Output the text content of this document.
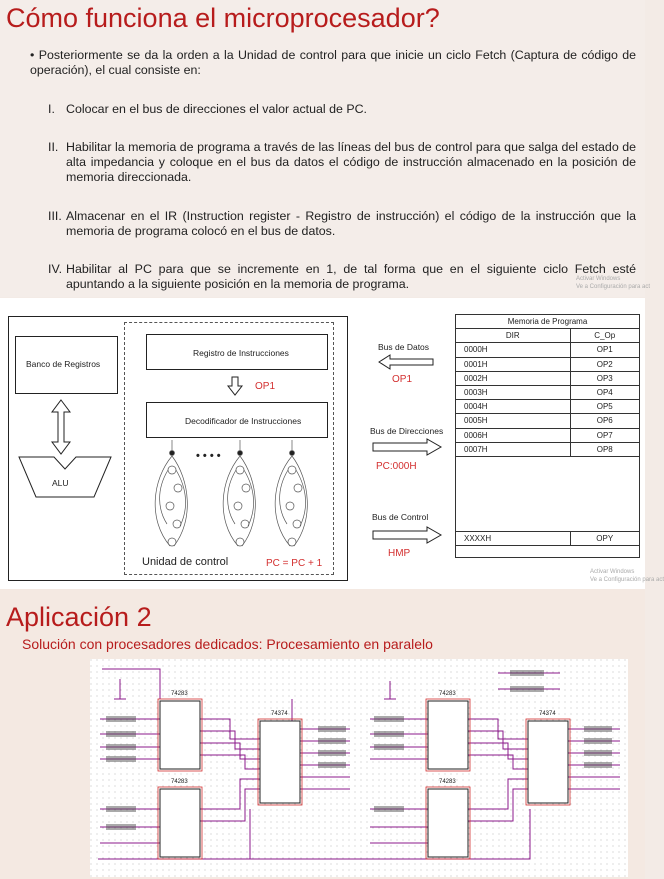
Cómo funciona el microprocesador?
• Posteriormente se da la orden a la Unidad de control para que inicie un ciclo Fetch (Captura de código de operación), el cual consiste en:
I. Colocar en el bus de direcciones el valor actual de PC.
II. Habilitar la memoria de programa a través de las líneas del bus de control para que salga del estado de alta impedancia y coloque en el bus da datos el código de instrucción almacenado en la posición de memoria direccionada.
III. Almacenar en el IR (Instruction register - Registro de instrucción) el código de la instrucción que la memoria de programa colocó en el bus de datos.
IV. Habilitar al PC para que se incremente en 1, de tal forma que en el siguiente ciclo Fetch esté apuntando a la siguiente posición en la memoria de programa.	Activar Windows
Ve a Configuración para act
Banco de Registros
ALU
Registro de Instrucciones
OP1
Decodificador de Instrucciones
• • • •
Unidad de control	PC = PC + 1
Bus de Datos
OP1
Bus de Direcciones
PC:000H
Bus de Control
HMP
Memoria de Programa	
DIR	C_Op
0000H	OP1
0001H	OP2
0002H	OP3
0003H	OP4
0004H	OP5
0005H	OP6
0006H	OP7
0007H	OP8

XXXXH	OPY

Activar Windows
Ve a Configuración para act
Aplicación 2
Solución con procesadores dedicados: Procesamiento en paralelo
74283
74283
74374
74283
74283
74374
